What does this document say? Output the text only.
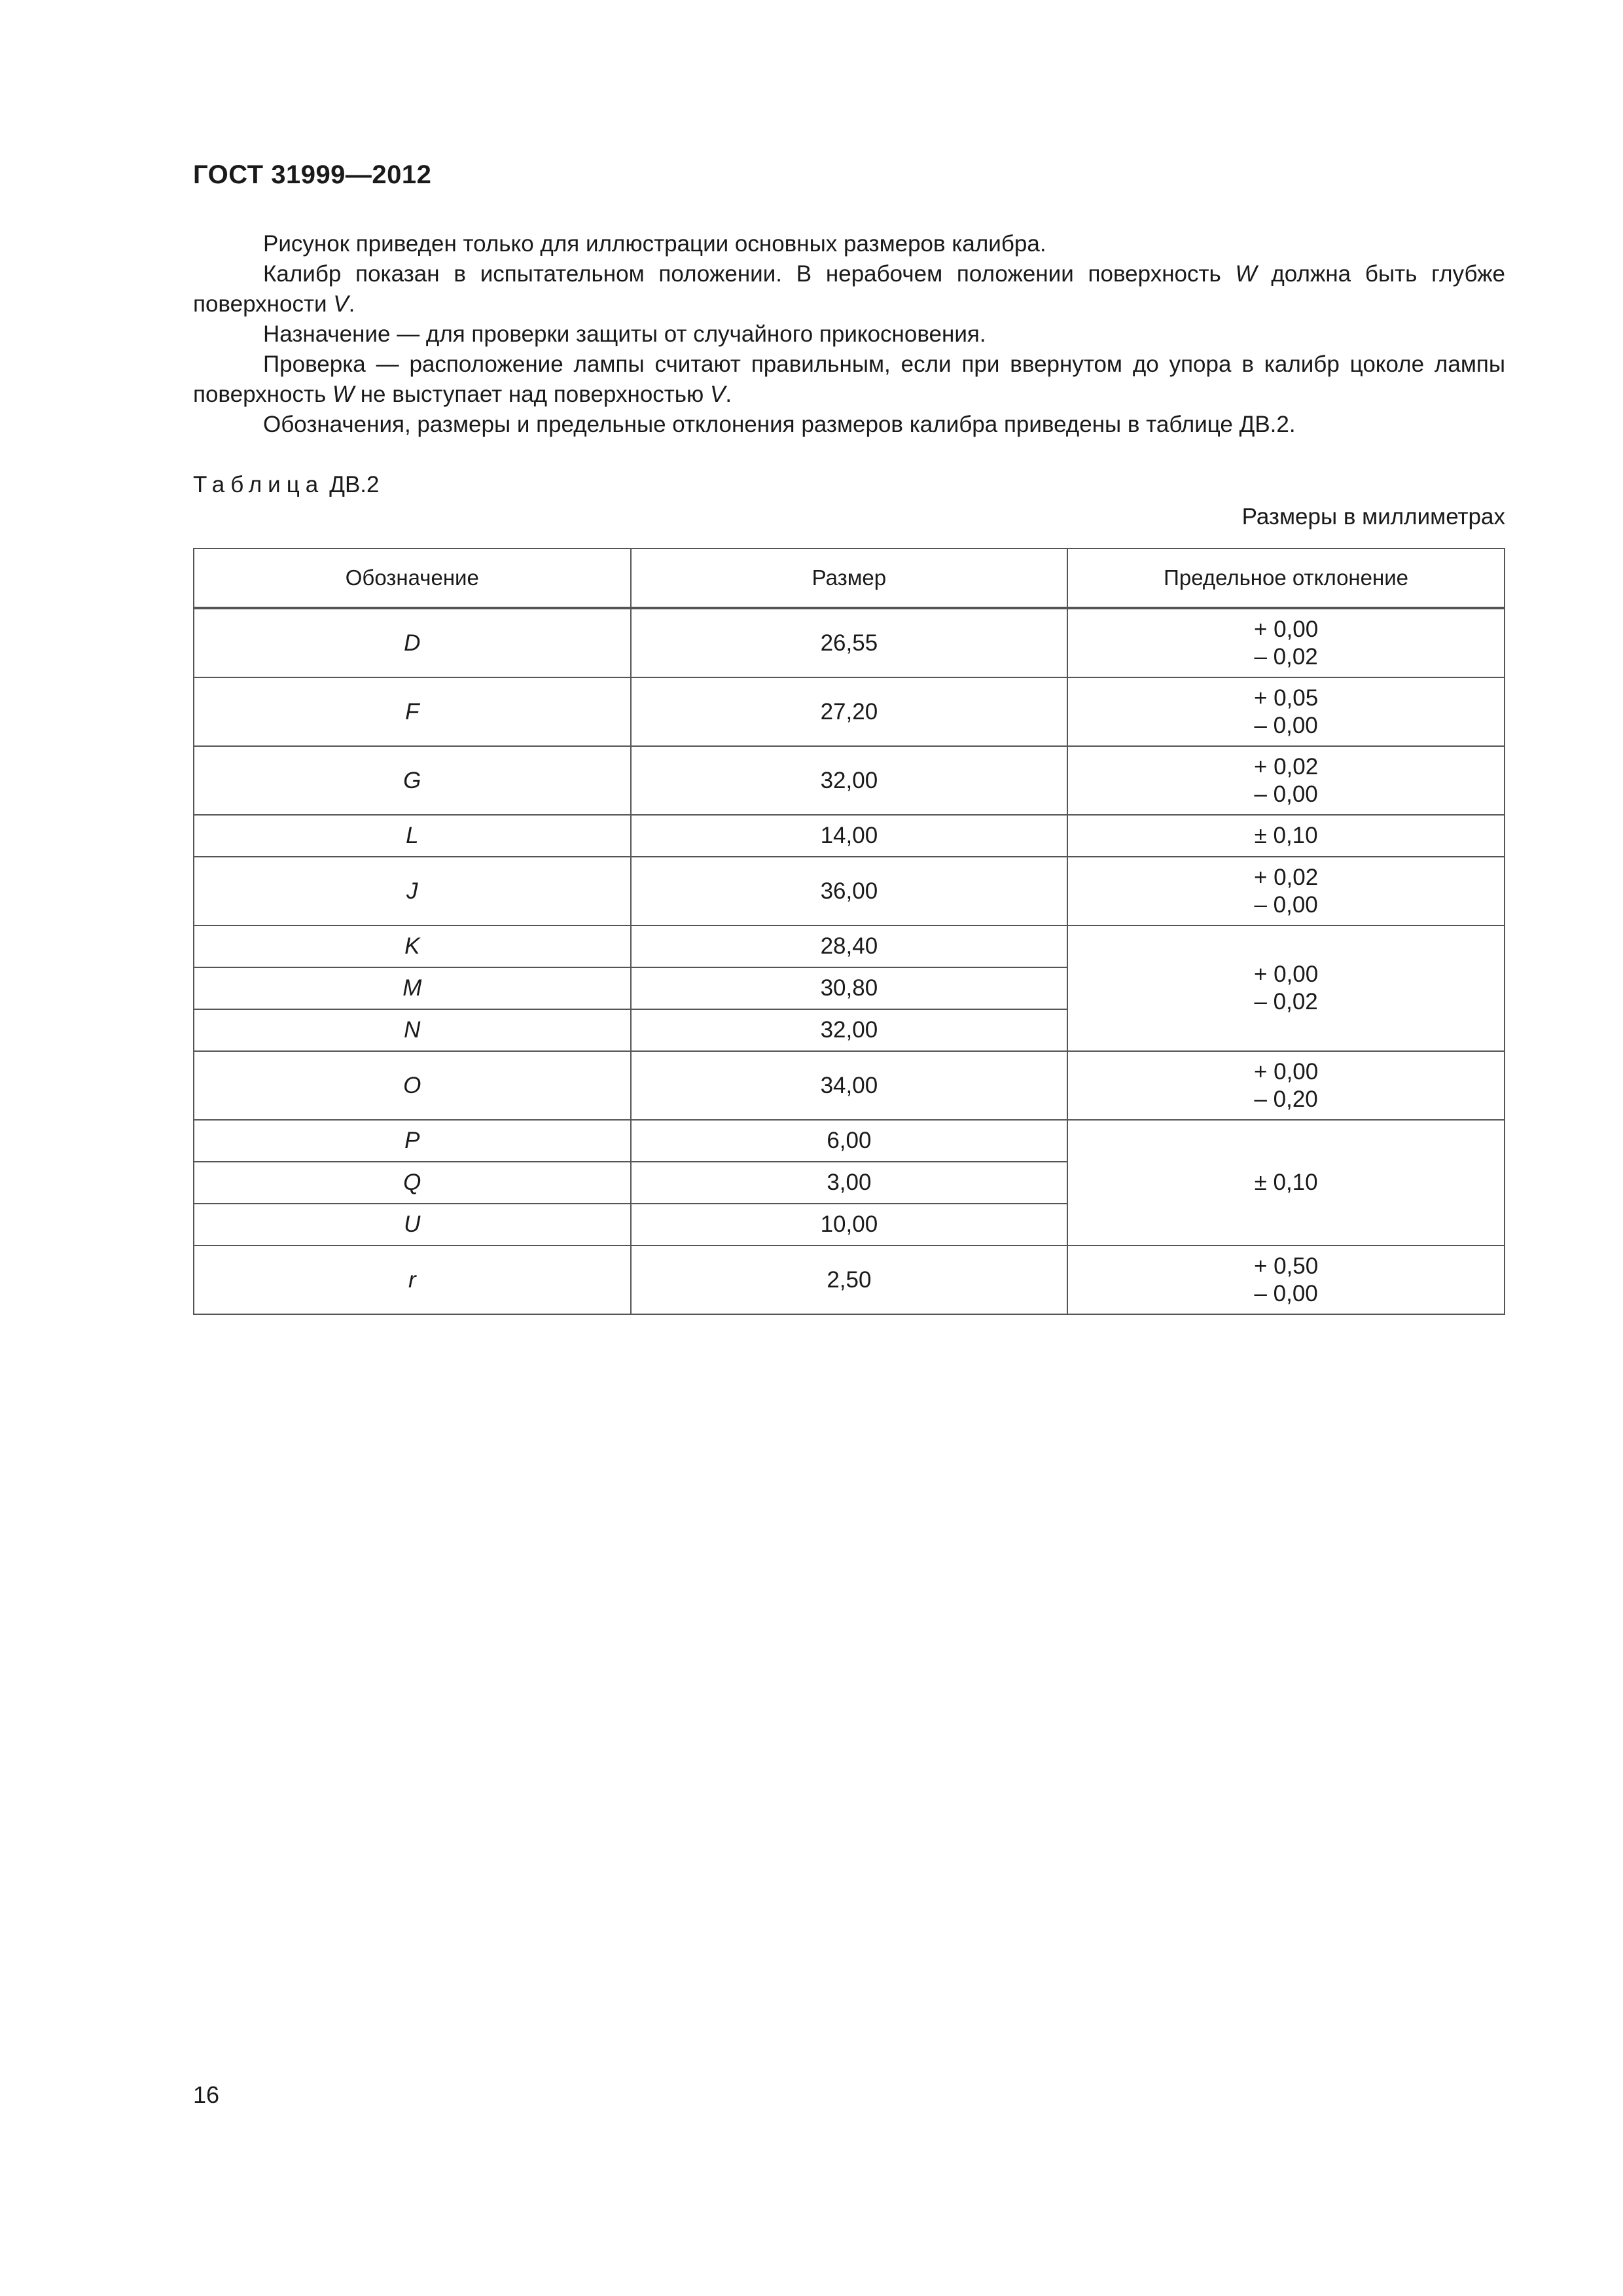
ГОСТ 31999—2012

Рисунок приведен только для иллюстрации основных размеров калибра.

Калибр показан в испытательном положении. В нерабочем положении поверхность W должна быть глубже поверхности V.

Назначение — для проверки защиты от случайного прикосновения.

Проверка — расположение лампы считают правильным, если при ввернутом до упора в калибр цоколе лампы поверхность W не выступает над поверхностью V.

Обозначения, размеры и предельные отклонения размеров калибра приведены в таблице ДВ.2.

Таблица ДВ.2
Размеры в миллиметрах
Обозначение	Размер	Предельное отклонение
D	26,55	+ 0,00
– 0,02

F	27,20	+ 0,05
– 0,00

G	32,00	+ 0,02
– 0,00

L	14,00	± 0,10
J	36,00	+ 0,02
– 0,00

K	28,40	+ 0,00
– 0,02

M	30,80	
N	32,00	
O	34,00	+ 0,00
– 0,20

P	6,00	± 0,10
Q	3,00	
U	10,00	
r	2,50	+ 0,50
– 0,00
16
